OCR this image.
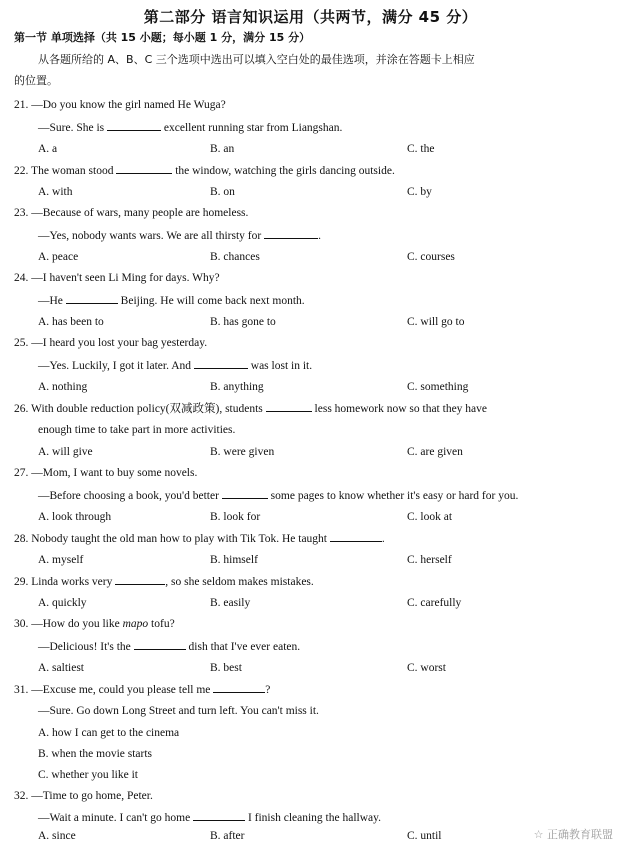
第二部分 语言知识运用（共两节，满分 45 分）
第一节 单项选择（共 15 小题；每小题 1 分，满分 15 分）
从各题所给的 A、B、C 三个选项中选出可以填入空白处的最佳选项，并涂在答题卡上相应
的位置。
21. —Do you know the girl named He Wuga?
—Sure. She is	excellent running star from Liangshan.
A. a	B. an	C. the
22. The woman stood	the window, watching the girls dancing outside.
A. with	B. on	C. by
23. —Because of wars, many people are homeless.
—Yes, nobody wants wars. We are all thirsty for	.
A. peace	B. chances	C. courses
24. —I haven't seen Li Ming for days. Why?
—He	Beijing. He will come back next month.
A. has been to	B. has gone to	C. will go to
25. —I heard you lost your bag yesterday.
—Yes. Luckily, I got it later. And	was lost in it.
A. nothing	B. anything	C. something
26. With double reduction policy(双减政策), students	less homework now so that they have
enough time to take part in more activities.
A. will give	B. were given	C. are given
27. —Mom, I want to buy some novels.
—Before choosing a book, you'd better	some pages to know whether it's easy or hard for you.
A. look through	B. look for	C. look at
28. Nobody taught the old man how to play with Tik Tok. He taught	.
A. myself	B. himself	C. herself
29. Linda works very	, so she seldom makes mistakes.
A. quickly	B. easily	C. carefully
30. —How do you like mapo tofu?
—Delicious! It's the	dish that I've ever eaten.
A. saltiest	B. best	C. worst
31. —Excuse me, could you please tell me	?
—Sure. Go down Long Street and turn left. You can't miss it.
A. how I can get to the cinema
B. when the movie starts
C. whether you like it
32. —Time to go home, Peter.
—Wait a minute. I can't go home	I finish cleaning the hallway.
A. since	B. after	C. until	☆ 正确教育联盟
